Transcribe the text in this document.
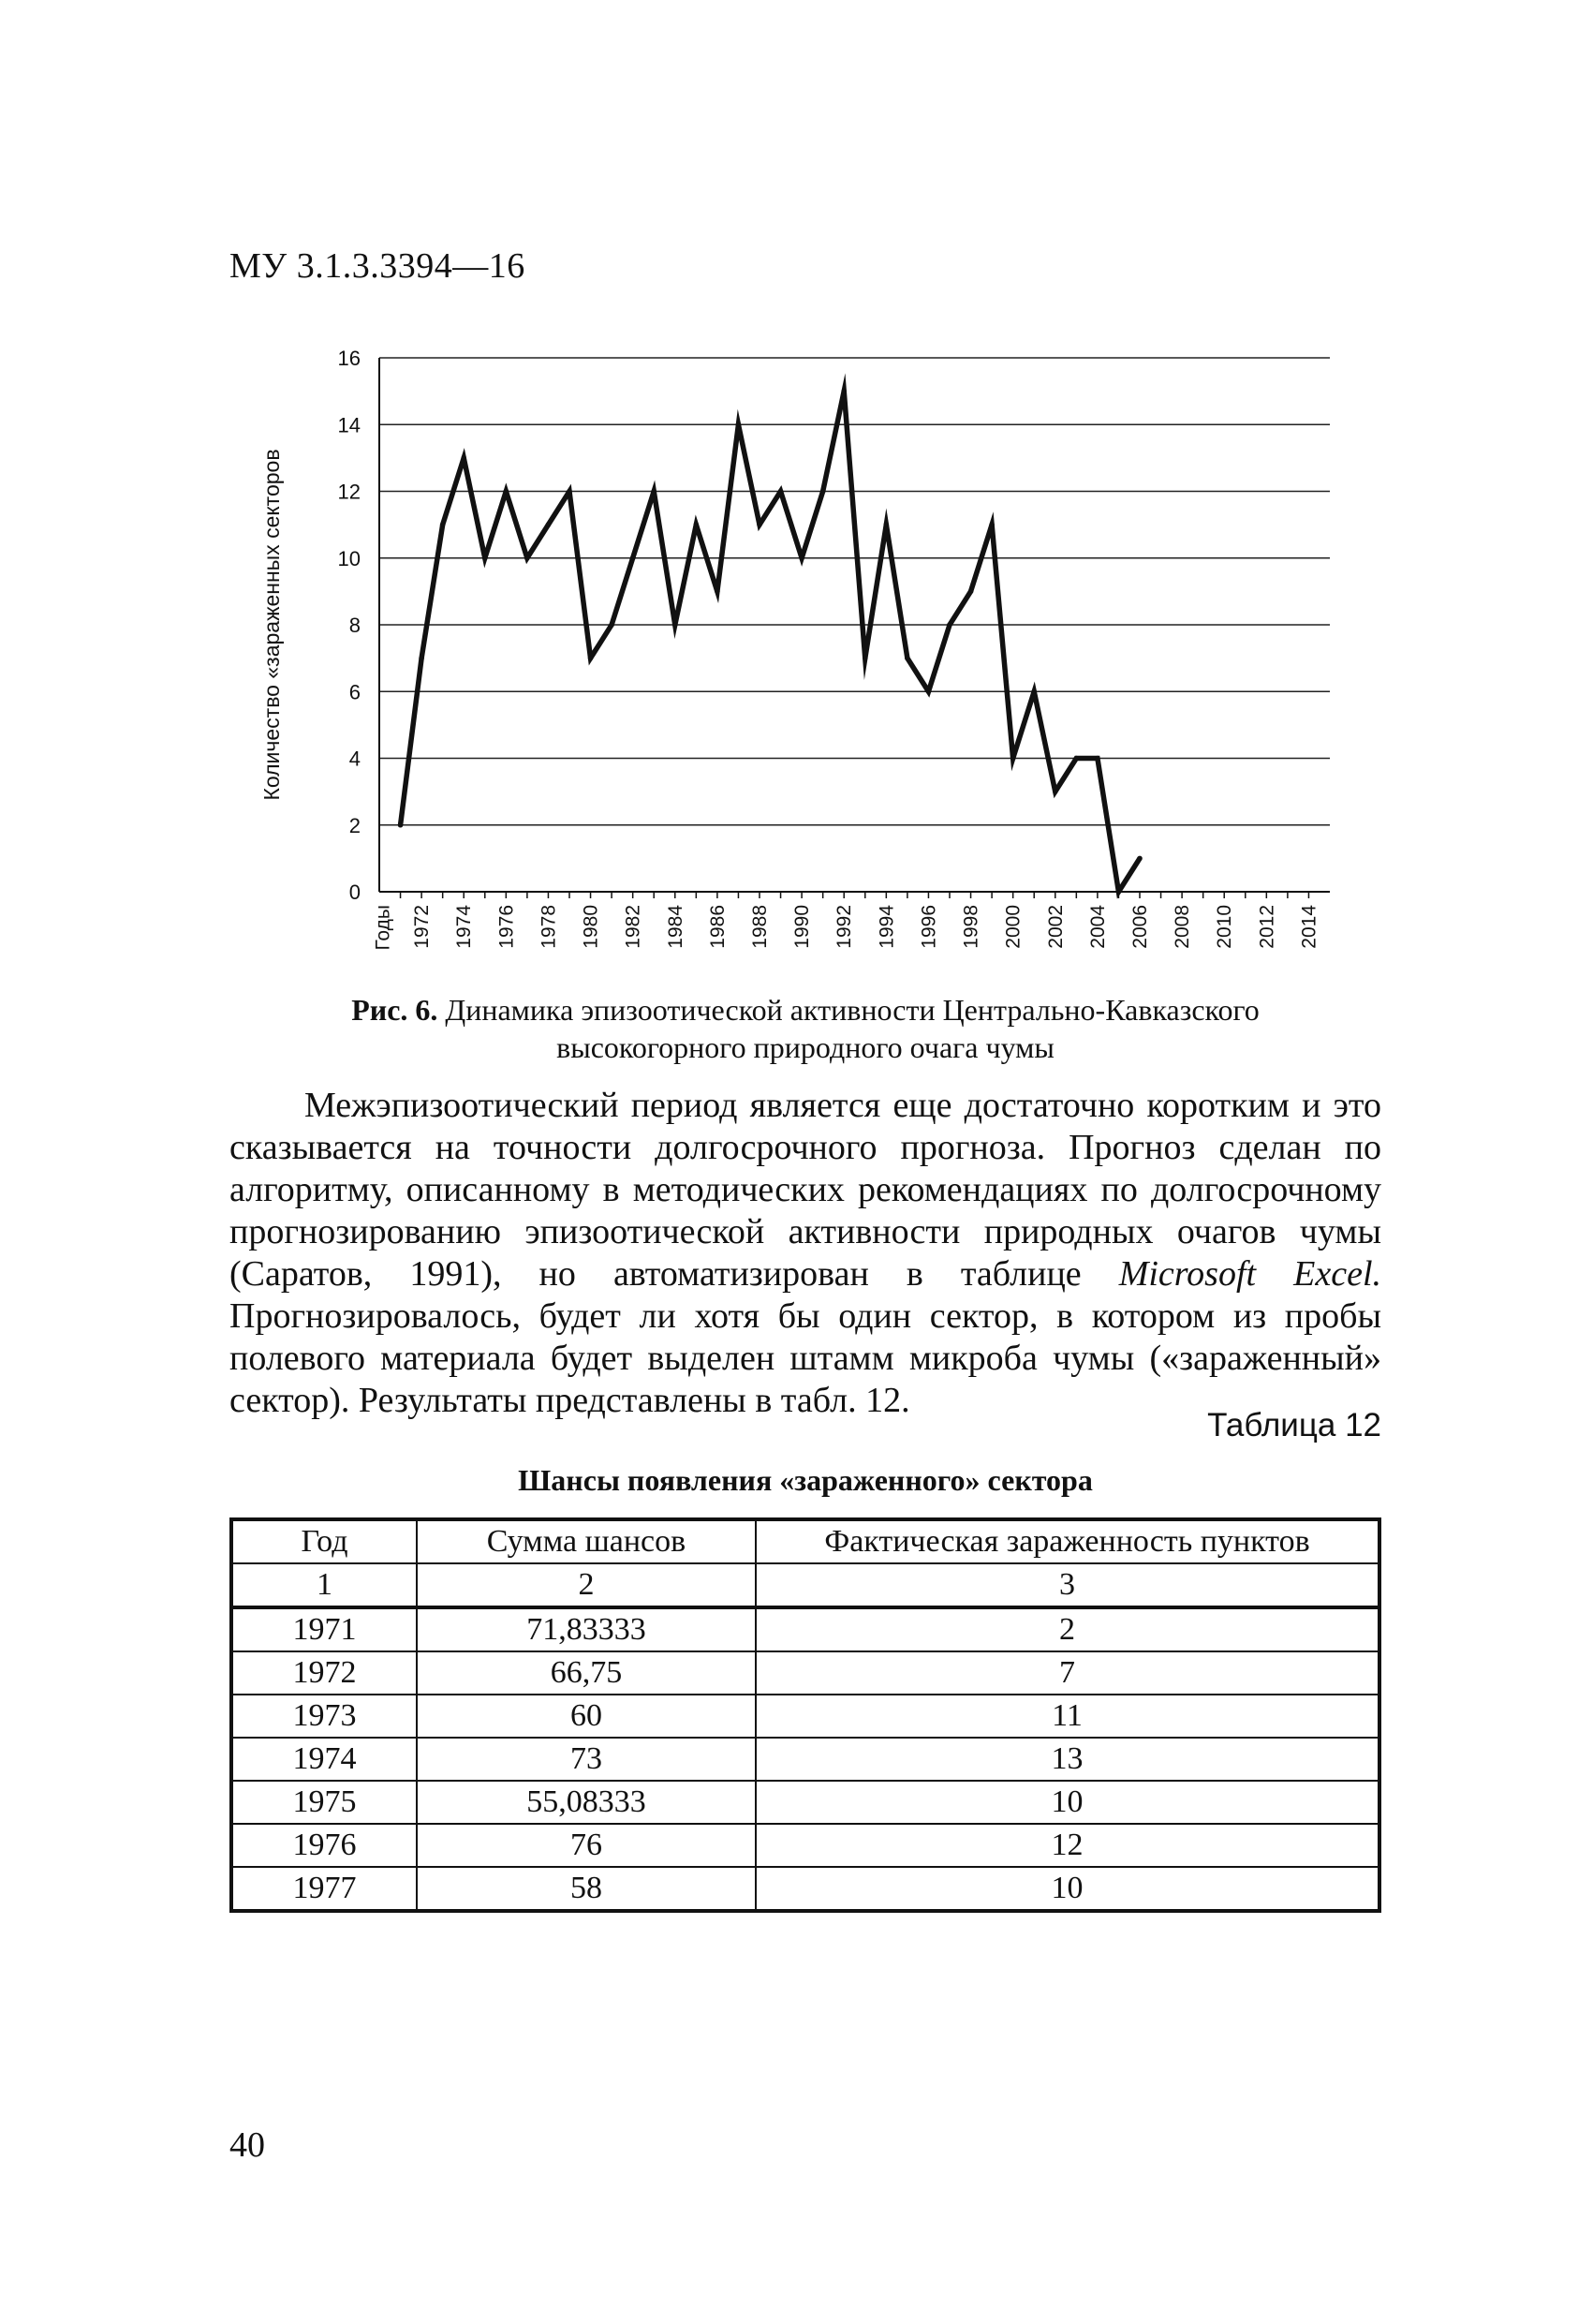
МУ 3.1.3.3394—16
0
2
4
6
8
10
12
14
16
1972 1974 1976 1978 1980 1982 1984 1986 1988 1990 1992 1994 1996 1998 2000 2002 2004 2006 2008 2010 2012 2014
Годы
Количество «зараженных секторов
Рис. 6. Динамика эпизоотической активности Центрально-Кавказского
высокогорного природного очага чумы
Межэпизоотический период является еще достаточно коротким и это сказывается на точности долгосрочного прогноза. Прогноз сделан по алгоритму, описанному в методических рекомендациях по долгосрочному прогнозированию эпизоотической активности природных очагов чумы (Саратов, 1991), но автоматизирован в таблице Microsoft Excel. Прогнозировалось, будет ли хотя бы один сектор, в котором из пробы полевого материала будет выделен штамм микроба чумы («зараженный» сектор). Результаты представлены в табл. 12.
Таблица 12
Шансы появления «зараженного» сектора
Год	Сумма шансов	Фактическая зараженность пунктов
1	2	3
1971	71,83333	2
1972	66,75	7
1973	60	11
1974	73	13
1975	55,08333	10
1976	76	12
1977	58	10
40
